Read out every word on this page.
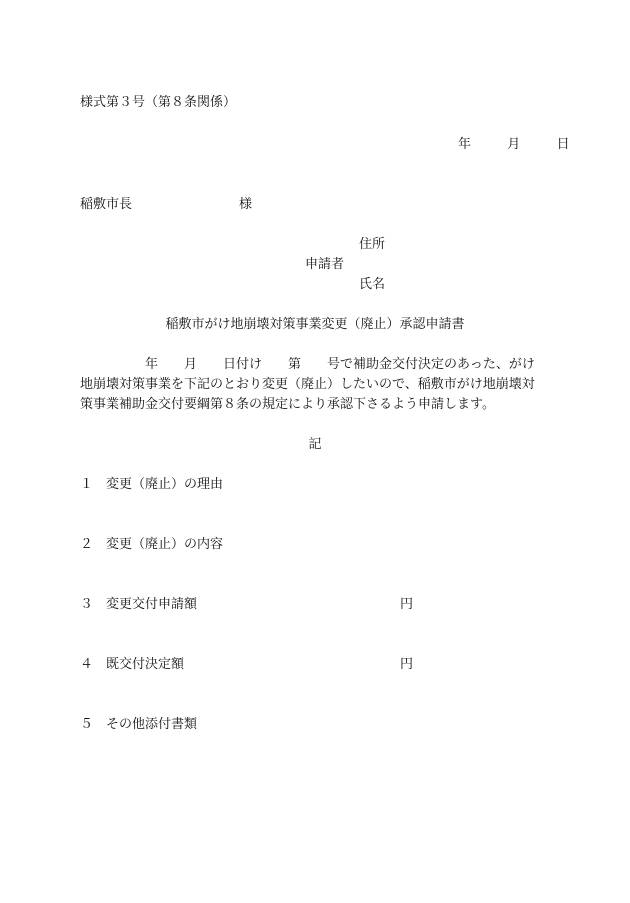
様式第３号（第８条関係）
年	月	日
稲敷市長	様
住所
申請者
氏名
稲敷市がけ地崩壊対策事業変更（廃止）承認申請書
　　　　　年　　月　　日付け　　第　　号で補助金交付決定のあった、がけ
地崩壊対策事業を下記のとおり変更（廃止）したいので、稲敷市がけ地崩壊対
策事業補助金交付要綱第８条の規定により承認下さるよう申請します。
記
１ 変更（廃止）の理由
２ 変更（廃止）の内容
３ 変更交付申請額	円
４ 既交付決定額	円
５ その他添付書類
